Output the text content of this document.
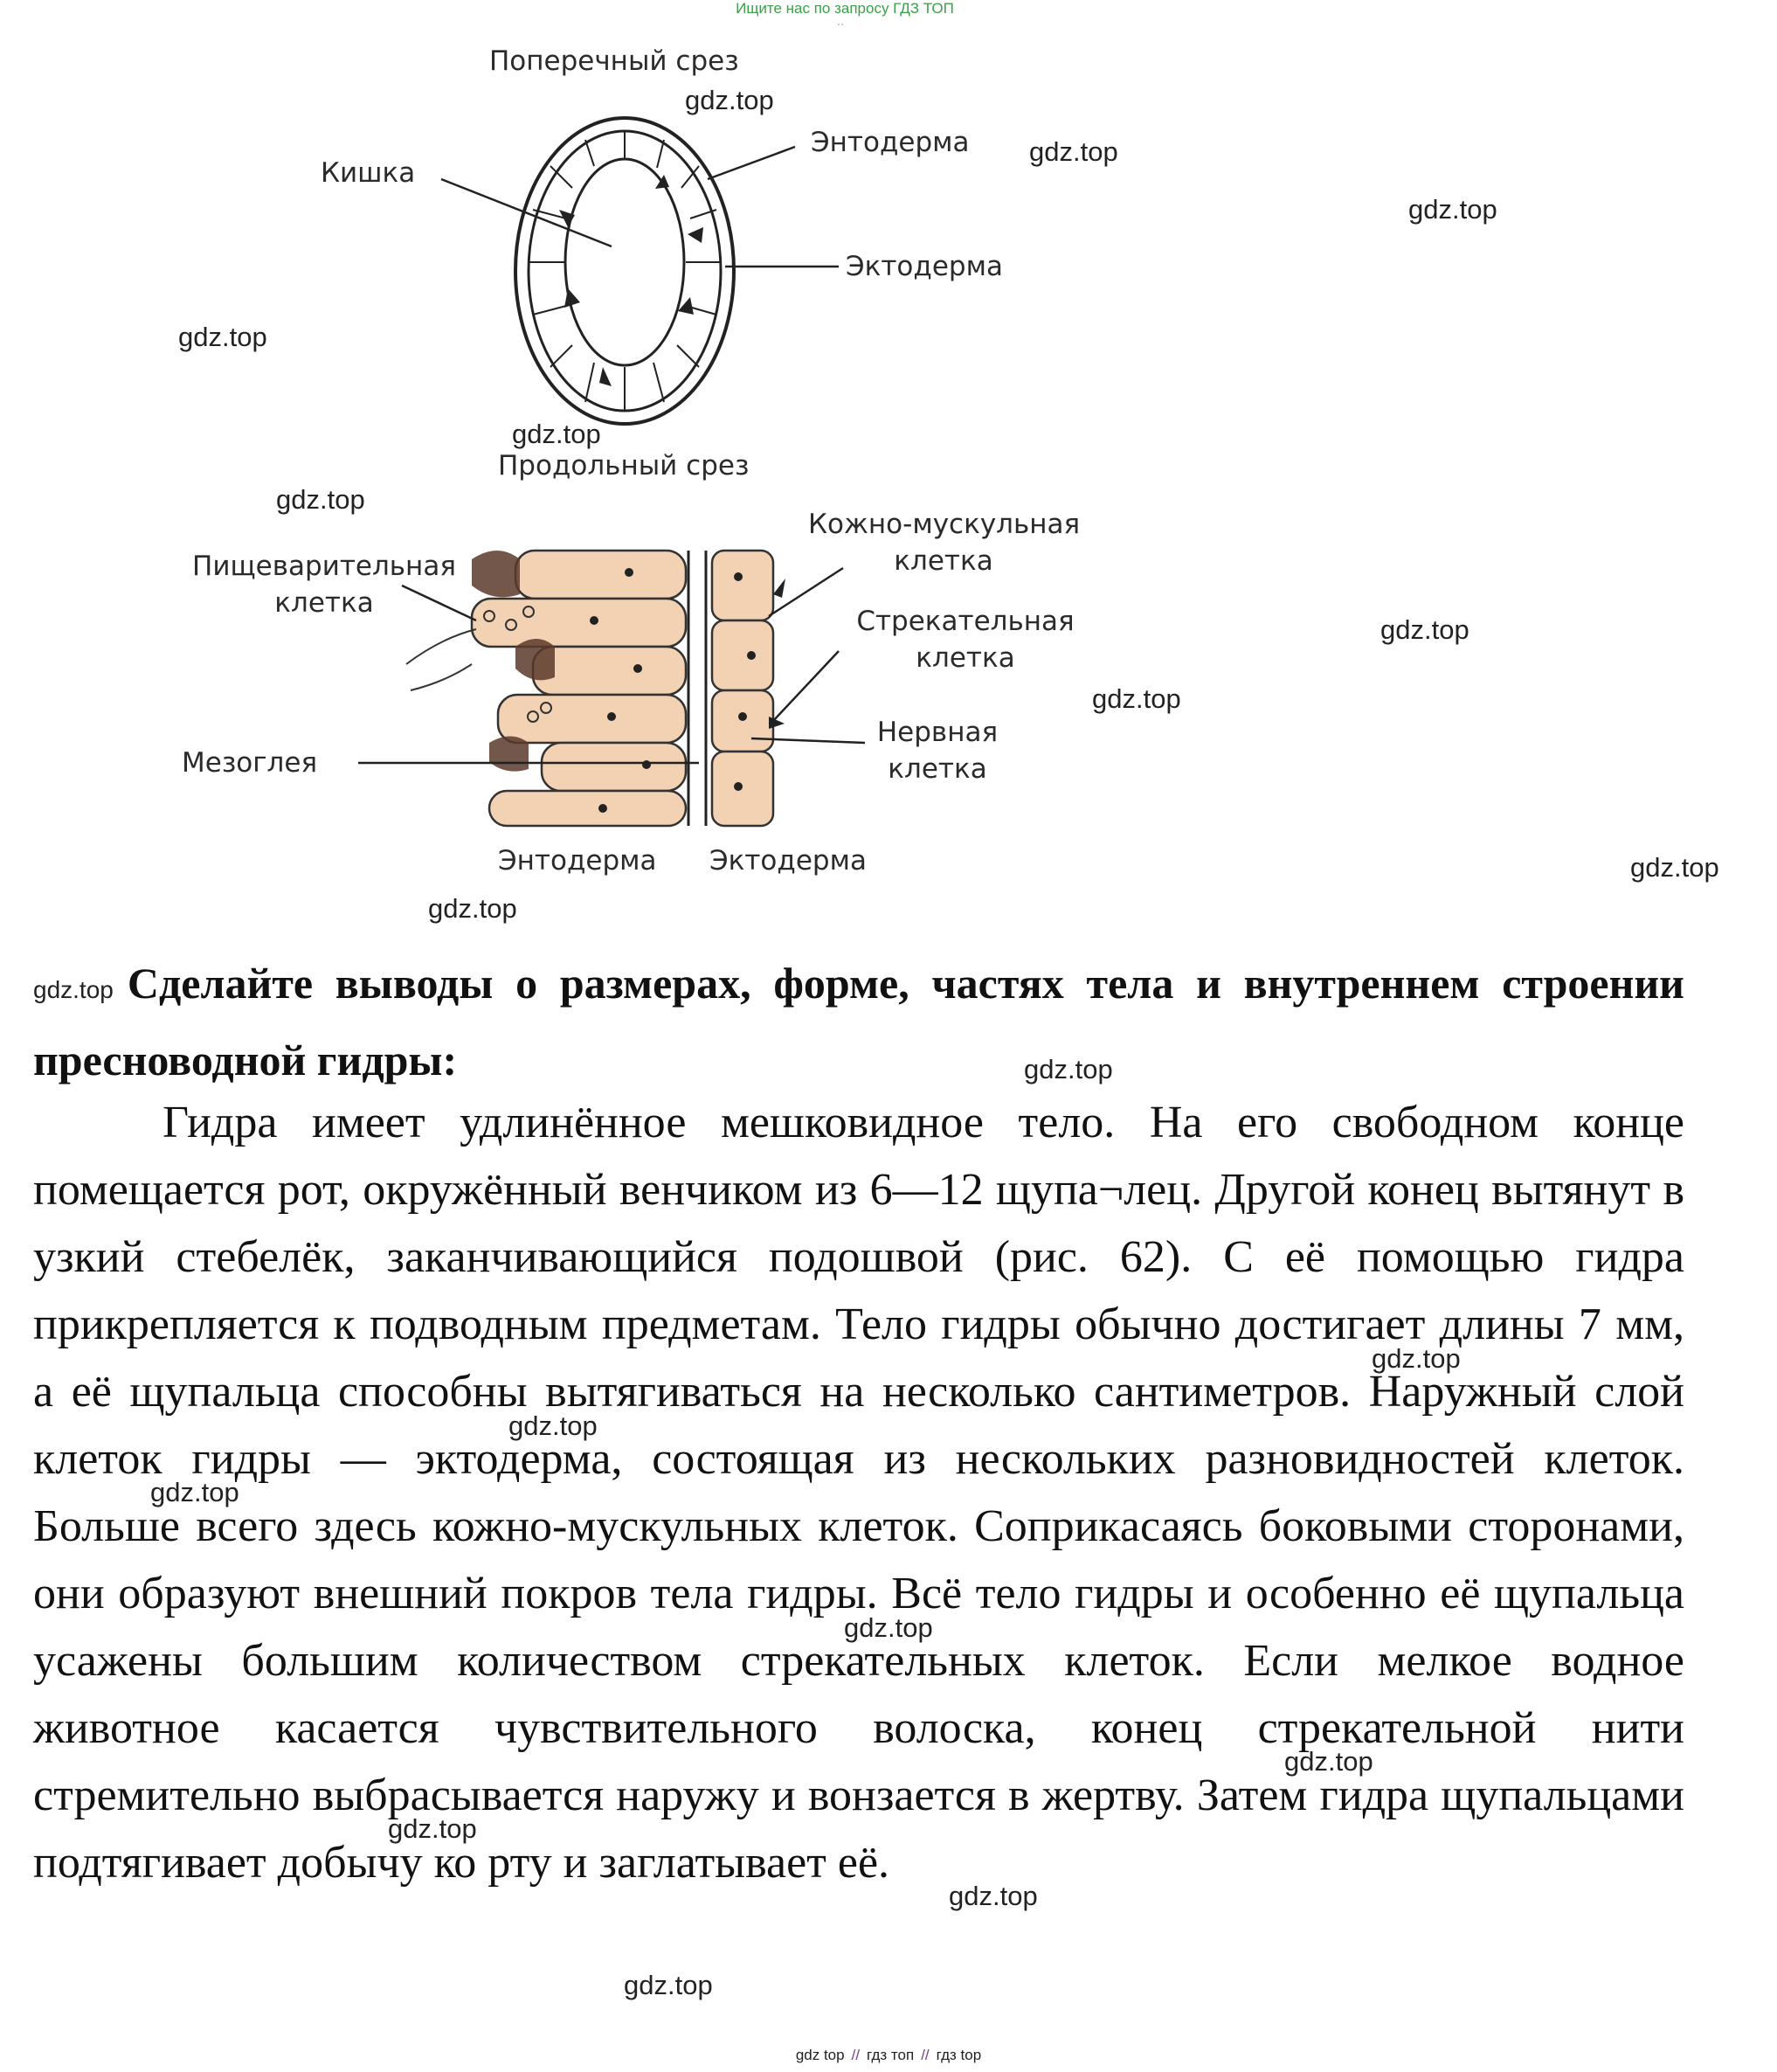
Ищите нас по запросу ГДЗ ТОП
··
Поперечный срез
Кишка
Энтодерма
Эктодерма
Продольный срез
Пищеварительная
клетка
Мезоглея
Кожно-мускульная
клетка
Стрекательная
клетка
Нервная
клетка
Энтодерма Эктодерма
gdz.top
gdz.top
gdz.top
gdz.top
gdz.top
gdz.top
gdz.top
gdz.top
gdz.top
gdz.top
gdz.top Сделайте выводы о размерах, форме, частях тела и внутреннем строении пресноводной гидры:

Гидра имеет удлинённое мешковидное тело. На его свободном конце помещается рот, окружённый венчиком из 6—12 щупа¬лец. Другой конец вытянут в узкий стебелёк, заканчивающийся подошвой (рис. 62). С её помощью гидра прикрепляется к подводным предметам. Тело гидры обычно достигает длины 7 мм, а её щупальца способны вытягиваться на несколько сантиметров. Наружный слой клеток гидры — эктодерма, состоящая из нескольких разновидностей клеток. Больше всего здесь кожно-мускульных клеток. Соприкасаясь боковыми сторонами, они образуют внешний покров тела гидры. Всё тело гидры и особенно её щупальца усажены большим количеством стрекательных клеток. Если мелкое водное животное касается чувствительного волоска, конец стрекательной нити стремительно выбрасывается наружу и вонзается в жертву. Затем гидра щупальцами подтягивает добычу ко рту и заглатывает её.

gdz.top
gdz.top
gdz.top
gdz.top
gdz.top
gdz.top
gdz.top
gdz.top
gdz.top
gdz top // гдз топ // гдз top
